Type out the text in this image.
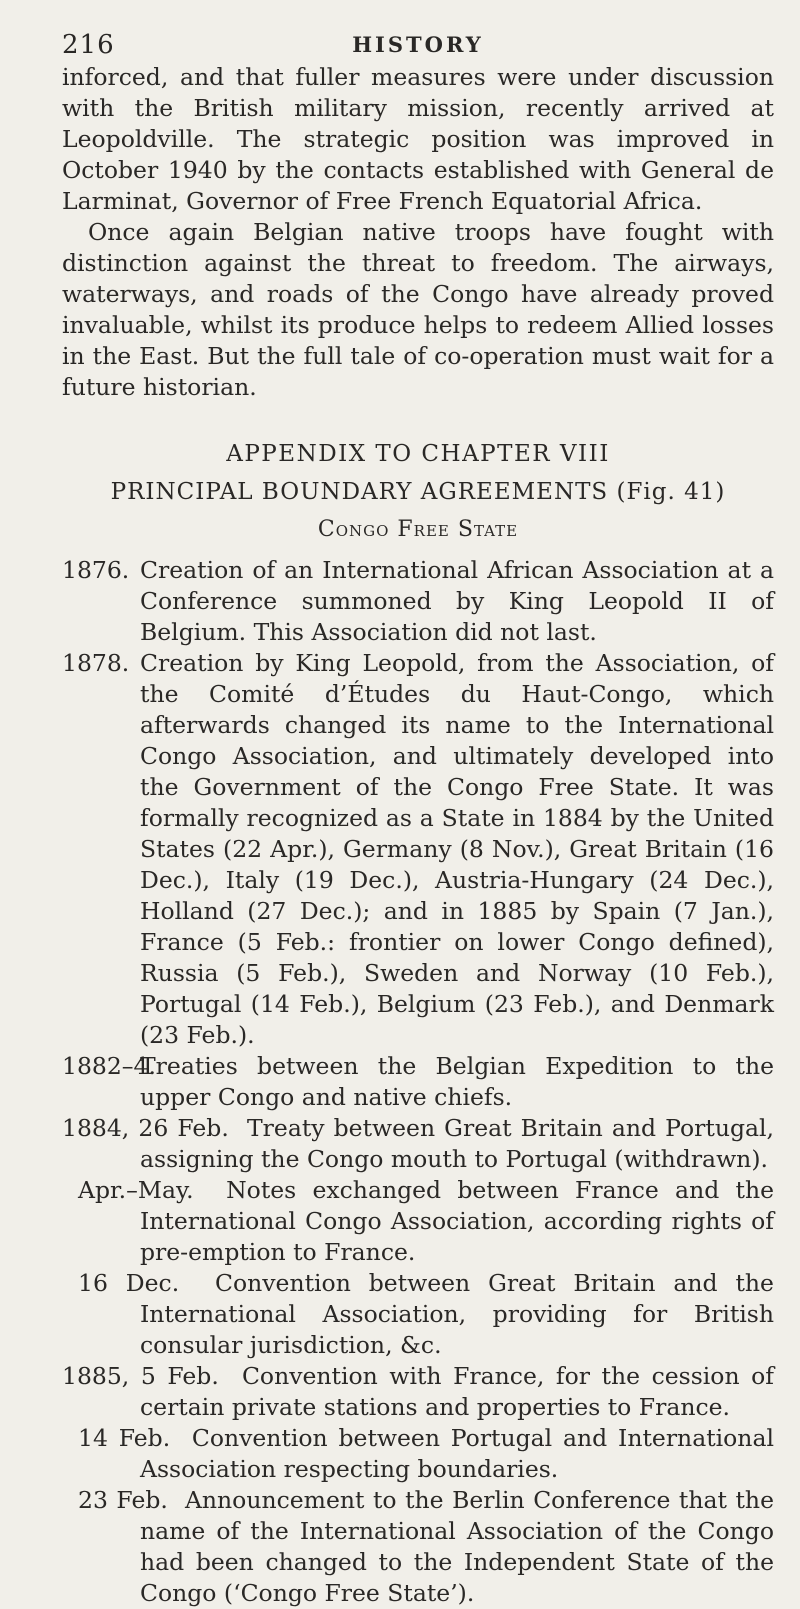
216	HISTORY

inforced, and that fuller measures were under discussion with the British military mission, recently arrived at Leopoldville. The strategic position was improved in October 1940 by the contacts established with General de Larminat, Governor of Free French Equatorial Africa.

Once again Belgian native troops have fought with distinction against the threat to freedom. The airways, waterways, and roads of the Congo have already proved invaluable, whilst its produce helps to redeem Allied losses in the East. But the full tale of co-operation must wait for a future historian.

APPENDIX TO CHAPTER VIII
PRINCIPAL BOUNDARY AGREEMENTS (Fig. 41)
Congo Free State
1876. Creation of an International African Association at a Conference summoned by King Leopold II of Belgium. This Association did not last.
1878. Creation by King Leopold, from the Association, of the Comité d’Études du Haut-Congo, which afterwards changed its name to the International Congo Association, and ultimately developed into the Government of the Congo Free State. It was formally recognized as a State in 1884 by the United States (22 Apr.), Germany (8 Nov.), Great Britain (16 Dec.), Italy (19 Dec.), Austria-Hungary (24 Dec.), Holland (27 Dec.); and in 1885 by Spain (7 Jan.), France (5 Feb.: frontier on lower Congo defined), Russia (5 Feb.), Sweden and Norway (10 Feb.), Portugal (14 Feb.), Belgium (23 Feb.), and Denmark (23 Feb.).
1882–4.
Treaties between the Belgian Expedition to the upper Congo and native chiefs.
1884, 26 Feb. Treaty between Great Britain and Portugal, assigning the Congo mouth to Portugal (withdrawn).
Apr.–May. Notes exchanged between France and the International Congo Association, according rights of pre-emption to France.
16 Dec. Convention between Great Britain and the International Association, providing for British consular jurisdiction, &c.
1885, 5 Feb. Convention with France, for the cession of certain private stations and properties to France.
14 Feb. Convention between Portugal and International Association respecting boundaries.
23 Feb. Announcement to the Berlin Conference that the name of the International Association of the Congo had been changed to the Independent State of the Congo (‘Congo Free State’).
